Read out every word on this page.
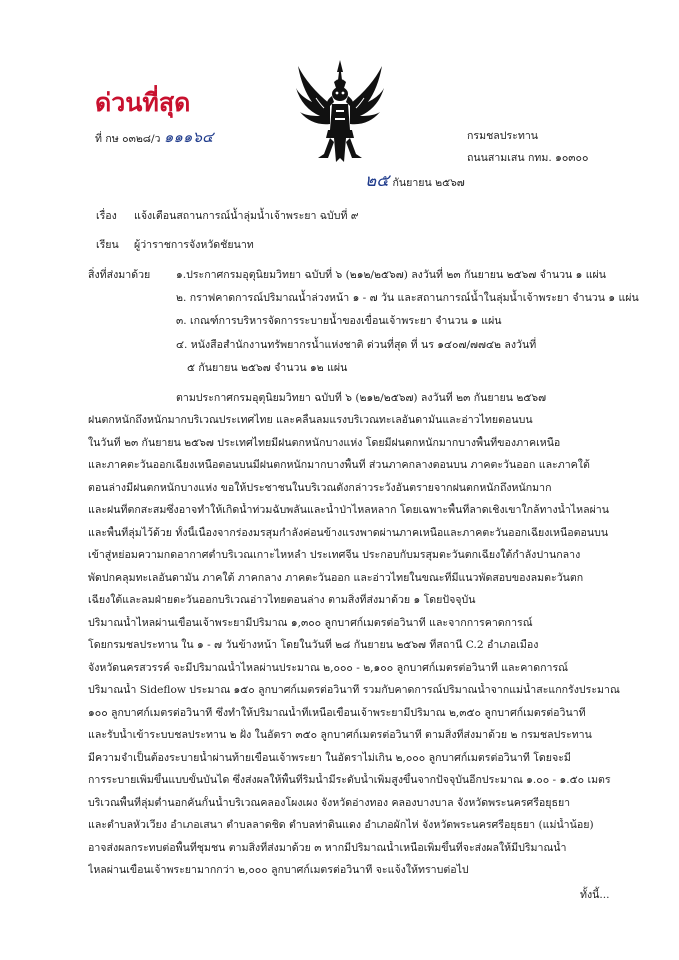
ด่วนที่สุด
ที่ กษ ๐๓๒๘/ว ๑๑๑๖๔	กรมชลประทาน
ถนนสามเสน กทม. ๑๐๓๐๐
๒๕ กันยายน ๒๕๖๗
เรื่อง แจ้งเตือนสถานการณ์น้ำลุ่มน้ำเจ้าพระยา ฉบับที่ ๙
เรียน ผู้ว่าราชการจังหวัดชัยนาท
สิ่งที่ส่งมาด้วย ๑.ประกาศกรมอุตุนิยมวิทยา ฉบับที่ ๖ (๒๑๒/๒๕๖๗) ลงวันที่ ๒๓ กันยายน ๒๕๖๗ จำนวน ๑ แผ่น
๒. กราฟคาดการณ์ปริมาณน้ำล่วงหน้า ๑ - ๗ วัน และสถานการณ์น้ำในลุ่มน้ำเจ้าพระยา จำนวน ๑ แผ่น
๓. เกณฑ์การบริหารจัดการระบายน้ำของเขื่อนเจ้าพระยา จำนวน ๑ แผ่น
๔. หนังสือสำนักงานทรัพยากรน้ำแห่งชาติ ด่วนที่สุด ที่ นร ๑๔๐๗/๗๗๔๒ ลงวันที่
๕ กันยายน ๒๕๖๗ จำนวน ๑๒ แผ่น
ตามประกาศกรมอุตุนิยมวิทยา ฉบับที่ ๖ (๒๑๒/๒๕๖๗) ลงวันที่ ๒๓ กันยายน ๒๕๖๗
ฝนตกหนักถึงหนักมากบริเวณประเทศไทย และคลื่นลมแรงบริเวณทะเลอันดามันและอ่าวไทยตอนบน
ในวันที่ ๒๓ กันยายน ๒๕๖๗ ประเทศไทยมีฝนตกหนักบางแห่ง โดยมีฝนตกหนักมากบางพื้นที่ของภาคเหนือ
และภาคตะวันออกเฉียงเหนือตอนบนมีฝนตกหนักมากบางพื้นที่ ส่วนภาคกลางตอนบน ภาคตะวันออก และภาคใต้
ตอนล่างมีฝนตกหนักบางแห่ง ขอให้ประชาชนในบริเวณดังกล่าวระวังอันตรายจากฝนตกหนักถึงหนักมาก
และฝนที่ตกสะสมซึ่งอาจทำให้เกิดน้ำท่วมฉับพลันและน้ำป่าไหลหลาก โดยเฉพาะพื้นที่ลาดเชิงเขาใกล้ทางน้ำไหลผ่าน
และพื้นที่ลุ่มไว้ด้วย ทั้งนี้เนื่องจากร่องมรสุมกำลังค่อนข้างแรงพาดผ่านภาคเหนือและภาคตะวันออกเฉียงเหนือตอนบน
เข้าสู่หย่อมความกดอากาศต่ำบริเวณเกาะไหหลำ ประเทศจีน ประกอบกับมรสุมตะวันตกเฉียงใต้กำลังปานกลาง
พัดปกคลุมทะเลอันดามัน ภาคใต้ ภาคกลาง ภาคตะวันออก และอ่าวไทยในขณะที่มีแนวพัดสอบของลมตะวันตก
เฉียงใต้และลมฝ่ายตะวันออกบริเวณอ่าวไทยตอนล่าง ตามสิ่งที่ส่งมาด้วย ๑ โดยปัจจุบัน
ปริมาณน้ำไหลผ่านเขื่อนเจ้าพระยามีปริมาณ ๑,๓๐๐ ลูกบาศก์เมตรต่อวินาที และจากการคาดการณ์
โดยกรมชลประทาน ใน ๑ - ๗ วันข้างหน้า โดยในวันที่ ๒๘ กันยายน ๒๕๖๗ ที่สถานี C.2 อำเภอเมือง
จังหวัดนครสวรรค์ จะมีปริมาณน้ำไหลผ่านประมาณ ๒,๐๐๐ - ๒,๑๐๐ ลูกบาศก์เมตรต่อวินาที และคาดการณ์
ปริมาณน้ำ Sideflow ประมาณ ๑๕๐ ลูกบาศก์เมตรต่อวินาที รวมกับคาดการณ์ปริมาณน้ำจากแม่น้ำสะแกกรังประมาณ
๑๐๐ ลูกบาศก์เมตรต่อวินาที ซึ่งทำให้ปริมาณน้ำที่เหนือเขื่อนเจ้าพระยามีปริมาณ ๒,๓๕๐ ลูกบาศก์เมตรต่อวินาที
และรับน้ำเข้าระบบชลประทาน ๒ ฝั่ง ในอัตรา ๓๕๐ ลูกบาศก์เมตรต่อวินาที ตามสิ่งที่ส่งมาด้วย ๒ กรมชลประทาน
มีความจำเป็นต้องระบายน้ำผ่านท้ายเขื่อนเจ้าพระยา ในอัตราไม่เกิน ๒,๐๐๐ ลูกบาศก์เมตรต่อวินาที โดยจะมี
การระบายเพิ่มขึ้นแบบขั้นบันได ซึ่งส่งผลให้พื้นที่ริมน้ำมีระดับน้ำเพิ่มสูงขึ้นจากปัจจุบันอีกประมาณ ๑.๐๐ - ๑.๕๐ เมตร
บริเวณพื้นที่ลุ่มต่ำนอกคันกั้นน้ำบริเวณคลองโผงเผง จังหวัดอ่างทอง คลองบางบาล จังหวัดพระนครศรีอยุธยา
และตำบลหัวเวียง อำเภอเสนา ตำบลลาดชิด ตำบลท่าดินแดง อำเภอผักไห่ จังหวัดพระนครศรีอยุธยา (แม่น้ำน้อย)
อาจส่งผลกระทบต่อพื้นที่ชุมชน ตามสิ่งที่ส่งมาด้วย ๓ หากมีปริมาณน้ำเหนือเพิ่มขึ้นที่จะส่งผลให้มีปริมาณน้ำ
ไหลผ่านเขื่อนเจ้าพระยามากกว่า ๒,๐๐๐ ลูกบาศก์เมตรต่อวินาที จะแจ้งให้ทราบต่อไป
ทั้งนี้...
